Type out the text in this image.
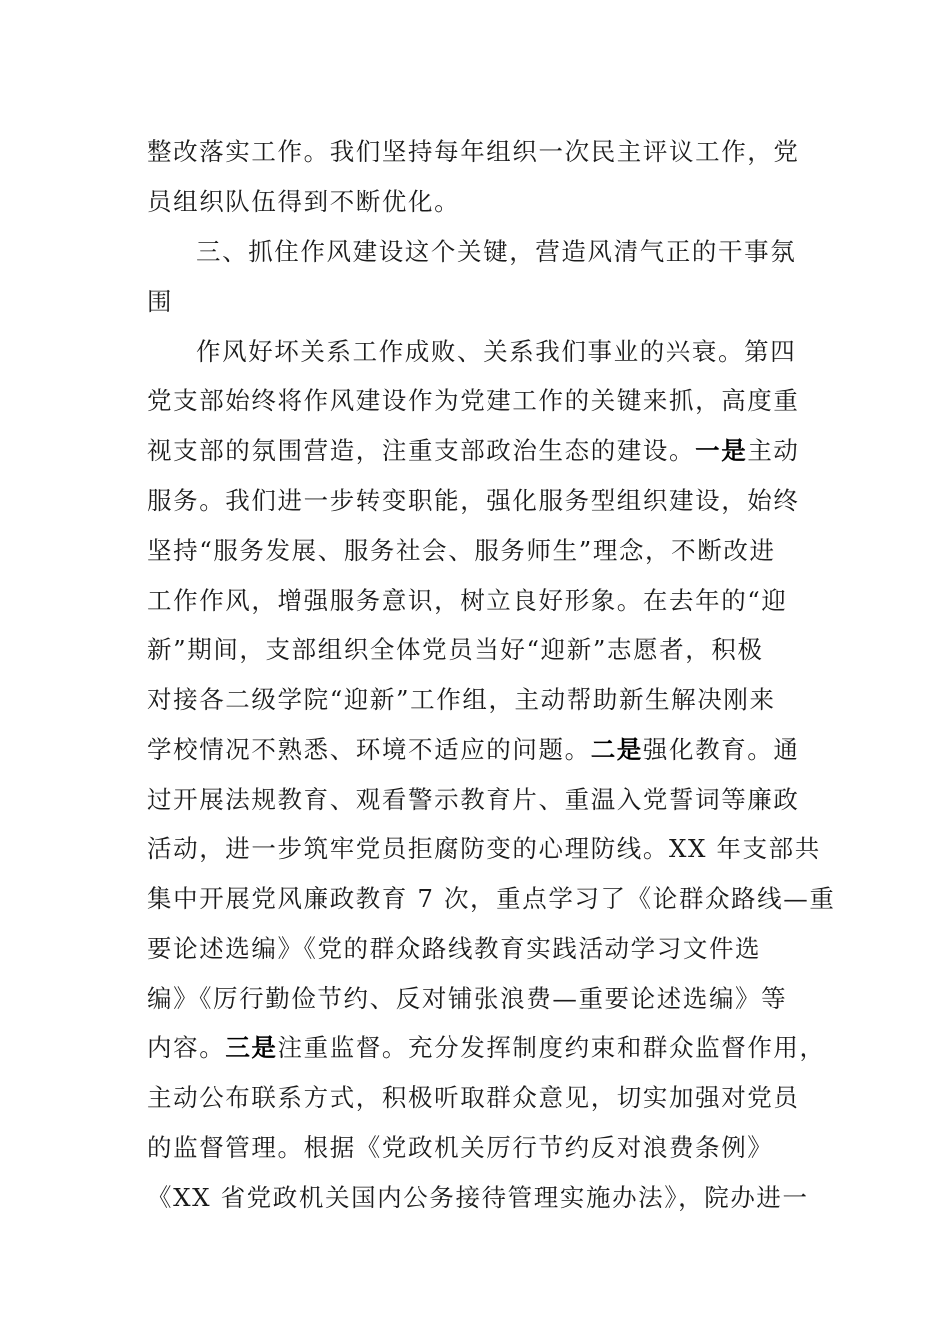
整改落实工作。我们坚持每年组织一次民主评议工作，党
员组织队伍得到不断优化。
三、抓住作风建设这个关键，营造风清气正的干事氛
围
作风好坏关系工作成败、关系我们事业的兴衰。第四
党支部始终将作风建设作为党建工作的关键来抓，高度重
视支部的氛围营造，注重支部政治生态的建设。一是主动
服务。我们进一步转变职能，强化服务型组织建设，始终
坚持“服务发展、服务社会、服务师生”理念，不断改进
工作作风，增强服务意识，树立良好形象。在去年的“迎
新”期间，支部组织全体党员当好“迎新”志愿者，积极
对接各二级学院“迎新”工作组，主动帮助新生解决刚来
学校情况不熟悉、环境不适应的问题。二是强化教育。通
过开展法规教育、观看警示教育片、重温入党誓词等廉政
活动，进一步筑牢党员拒腐防变的心理防线。XX 年支部共
集中开展党风廉政教育 7 次，重点学习了《论群众路线—重
要论述选编》《党的群众路线教育实践活动学习文件选
编》《厉行勤俭节约、反对铺张浪费—重要论述选编》等
内容。三是注重监督。充分发挥制度约束和群众监督作用，
主动公布联系方式，积极听取群众意见，切实加强对党员
的监督管理。根据《党政机关厉行节约反对浪费条例》
《XX 省党政机关国内公务接待管理实施办法》，院办进一
